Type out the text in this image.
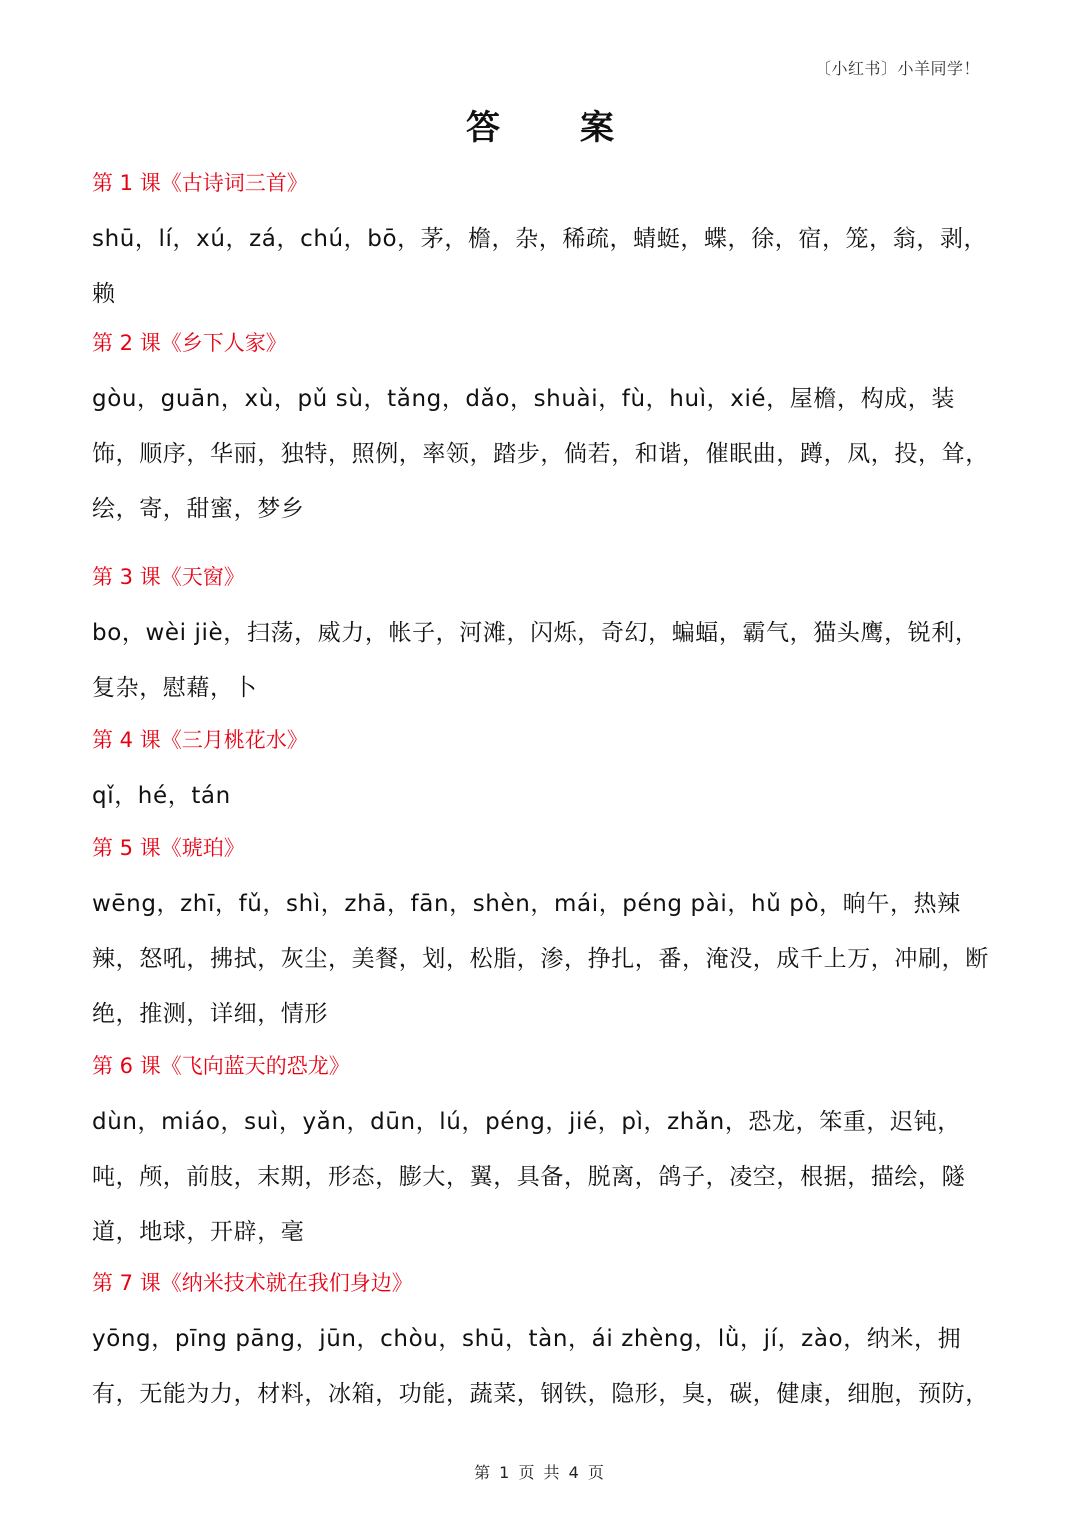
〔小红书〕小羊同学！
答案
第 1 课《古诗词三首》
shū，lí，xú，zá，chú，bō，茅，檐，杂，稀疏，蜻蜓，蝶，徐，宿，笼，翁，剥，赖
第 2 课《乡下人家》
gòu，guān，xù，pǔ sù，tǎng，dǎo，shuài，fù，huì，xié，屋檐，构成，装饰，顺序，华丽，独特，照例，率领，踏步，倘若，和谐，催眠曲，蹲，凤，投，耸，绘，寄，甜蜜，梦乡
第 3 课《天窗》
bo，wèi jiè，扫荡，威力，帐子，河滩，闪烁，奇幻，蝙蝠，霸气，猫头鹰，锐利，复杂，慰藉，卜
第 4 课《三月桃花水》
qǐ，hé，tán
第 5 课《琥珀》
wēng，zhī，fǔ，shì，zhā，fān，shèn，mái，péng pài，hǔ pò，晌午，热辣辣，怒吼，拂拭，灰尘，美餐，划，松脂，渗，挣扎，番，淹没，成千上万，冲刷，断绝，推测，详细，情形
第 6 课《飞向蓝天的恐龙》
dùn，miáo，suì，yǎn，dūn，lú，péng，jié，pì，zhǎn，恐龙，笨重，迟钝，吨，颅，前肢，末期，形态，膨大，翼，具备，脱离，鸽子，凌空，根据，描绘，隧道，地球，开辟，毫
第 7 课《纳米技术就在我们身边》
yōng，pīng pāng，jūn，chòu，shū，tàn，ái zhèng，lǜ，jí，zào，纳米，拥有，无能为力，材料，冰箱，功能，蔬菜，钢铁，隐形，臭，碳，健康，细胞，预防，
第 1 页 共 4 页
